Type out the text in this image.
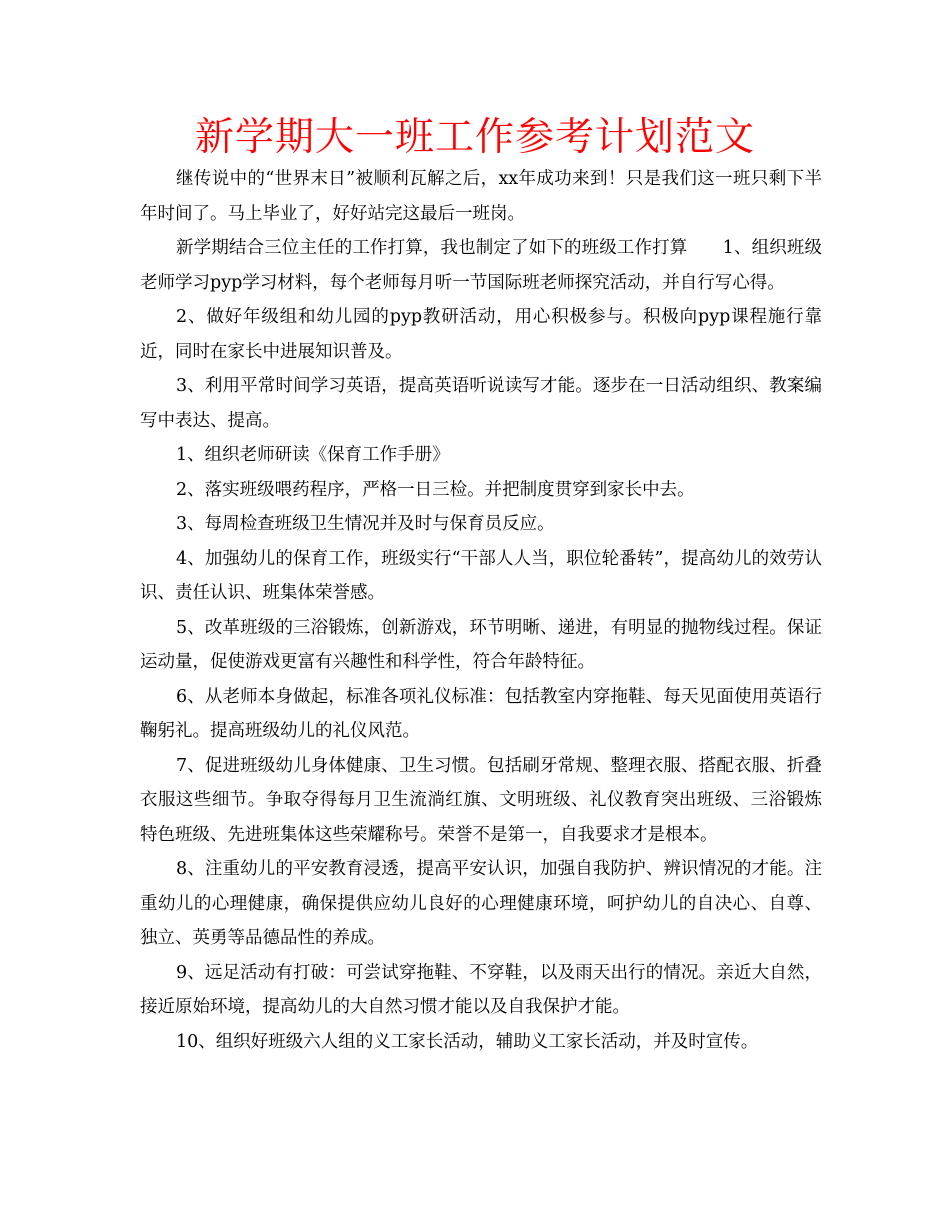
新学期大一班工作参考计划范文

继传说中的“世界末日”被顺利瓦解之后，xx年成功来到！只是我们这一班只剩下半年时间了。马上毕业了，好好站完这最后一班岗。

新学期结合三位主任的工作打算，我也制定了如下的班级工作打算　　1、组织班级老师学习pyp学习材料，每个老师每月听一节国际班老师探究活动，并自行写心得。

2、做好年级组和幼儿园的pyp教研活动，用心积极参与。积极向pyp课程施行靠近，同时在家长中进展知识普及。

3、利用平常时间学习英语，提高英语听说读写才能。逐步在一日活动组织、教案编写中表达、提高。

1、组织老师研读《保育工作手册》

2、落实班级喂药程序，严格一日三检。并把制度贯穿到家长中去。

3、每周检查班级卫生情况并及时与保育员反应。

4、加强幼儿的保育工作，班级实行“干部人人当，职位轮番转”，提高幼儿的效劳认识、责任认识、班集体荣誉感。

5、改革班级的三浴锻炼，创新游戏，环节明晰、递进，有明显的抛物线过程。保证运动量，促使游戏更富有兴趣性和科学性，符合年龄特征。

6、从老师本身做起，标准各项礼仪标准：包括教室内穿拖鞋、每天见面使用英语行鞠躬礼。提高班级幼儿的礼仪风范。

7、促进班级幼儿身体健康、卫生习惯。包括刷牙常规、整理衣服、搭配衣服、折叠衣服这些细节。争取夺得每月卫生流淌红旗、文明班级、礼仪教育突出班级、三浴锻炼特色班级、先进班集体这些荣耀称号。荣誉不是第一，自我要求才是根本。

8、注重幼儿的平安教育浸透，提高平安认识，加强自我防护、辨识情况的才能。注重幼儿的心理健康，确保提供应幼儿良好的心理健康环境，呵护幼儿的自决心、自尊、独立、英勇等品德品性的养成。

9、远足活动有打破：可尝试穿拖鞋、不穿鞋，以及雨天出行的情况。亲近大自然，接近原始环境，提高幼儿的大自然习惯才能以及自我保护才能。

10、组织好班级六人组的义工家长活动，辅助义工家长活动，并及时宣传。
